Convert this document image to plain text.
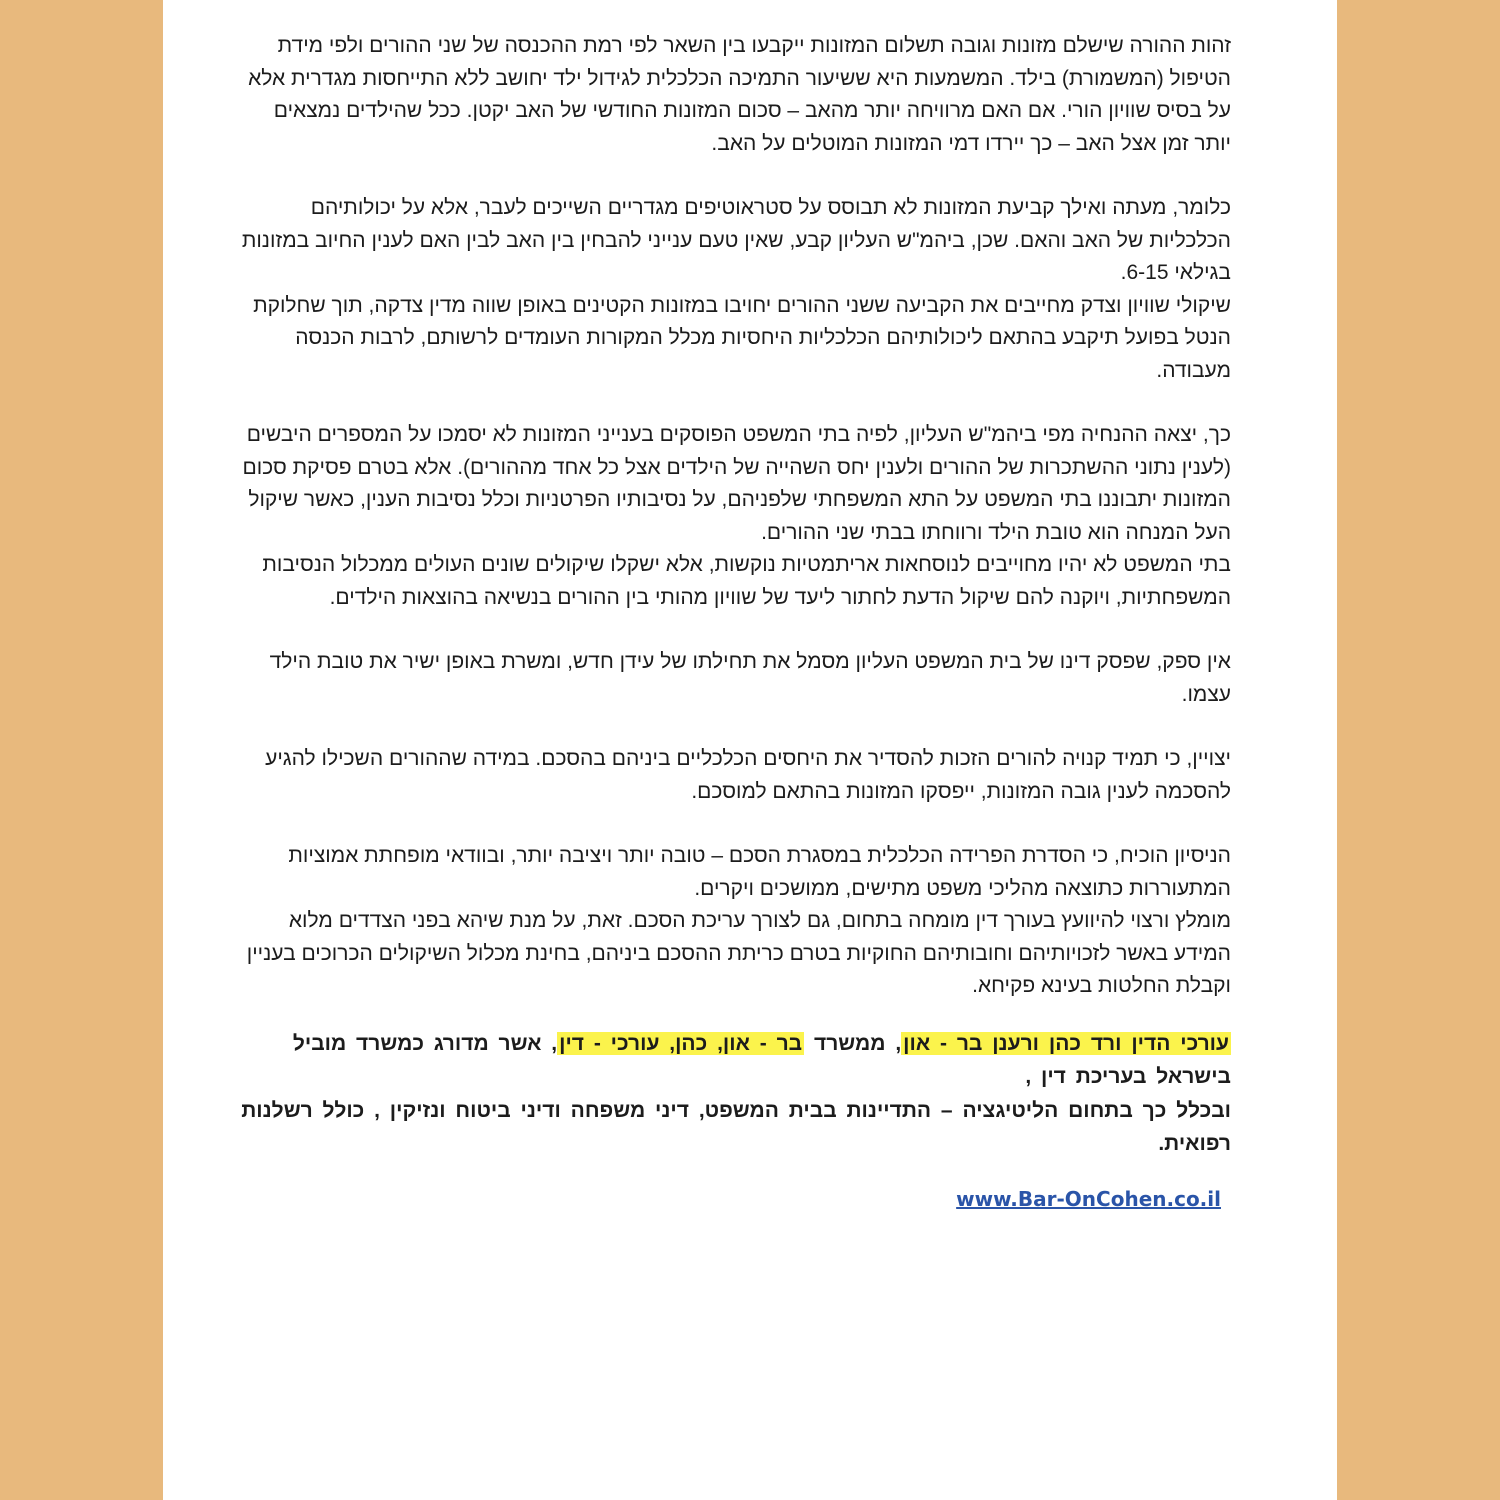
זהות ההורה שישלם מזונות וגובה תשלום המזונות ייקבעו בין השאר לפי רמת ההכנסה של שני ההורים ולפי מידת הטיפול (המשמורת) בילד. המשמעות היא ששיעור התמיכה הכלכלית לגידול ילד יחושב ללא התייחסות מגדרית אלא על בסיס שוויון הורי. אם האם מרוויחה יותר מהאב – סכום המזונות החודשי של האב יקטן. ככל שהילדים נמצאים יותר זמן אצל האב – כך יירדו דמי המזונות המוטלים על האב.

כלומר, מעתה ואילך קביעת המזונות לא תבוסס על סטראוטיפים מגדריים השייכים לעבר, אלא על יכולותיהם הכלכליות של האב והאם. שכן, ביהמ"ש העליון קבע, שאין טעם ענייני להבחין בין האב לבין האם לענין החיוב במזונות בגילאי 6-15.

שיקולי שוויון וצדק מחייבים את הקביעה ששני ההורים יחויבו במזונות הקטינים באופן שווה מדין צדקה, תוך שחלוקת הנטל בפועל תיקבע בהתאם ליכולותיהם הכלכליות היחסיות מכלל המקורות העומדים לרשותם, לרבות הכנסה מעבודה.

כך, יצאה ההנחיה מפי ביהמ"ש העליון, לפיה בתי המשפט הפוסקים בענייני המזונות לא יסמכו על המספרים היבשים (לענין נתוני ההשתכרות של ההורים ולענין יחס השהייה של הילדים אצל כל אחד מההורים). אלא בטרם פסיקת סכום המזונות יתבוננו בתי המשפט על התא המשפחתי שלפניהם, על נסיבותיו הפרטניות וכלל נסיבות הענין, כאשר שיקול העל המנחה הוא טובת הילד ורווחתו בבתי שני ההורים.

בתי המשפט לא יהיו מחוייבים לנוסחאות אריתמטיות נוקשות, אלא ישקלו שיקולים שונים העולים ממכלול הנסיבות המשפחתיות, ויוקנה להם שיקול הדעת לחתור ליעד של שוויון מהותי בין ההורים בנשיאה בהוצאות הילדים.

אין ספק, שפסק דינו של בית המשפט העליון מסמל את תחילתו של עידן חדש, ומשרת באופן ישיר את טובת הילד עצמו.

יצויין, כי תמיד קנויה להורים הזכות להסדיר את היחסים הכלכליים ביניהם בהסכם. במידה שההורים השכילו להגיע להסכמה לענין גובה המזונות, ייפסקו המזונות בהתאם למוסכם.

הניסיון הוכיח, כי הסדרת הפרידה הכלכלית במסגרת הסכם – טובה יותר ויציבה יותר, ובוודאי מופחתת אמוציות המתעוררות כתוצאה מהליכי משפט מתישים, ממושכים ויקרים.

מומלץ ורצוי להיוועץ בעורך דין מומחה בתחום, גם לצורך עריכת הסכם. זאת, על מנת שיהא בפני הצדדים מלוא המידע באשר לזכויותיהם וחובותיהם החוקיות בטרם כריתת ההסכם ביניהם, בחינת מכלול השיקולים הכרוכים בעניין וקבלת החלטות בעינא פקיחא.

עורכי הדין ורד כהן ורענן בר - און, ממשרד בר - און, כהן, עורכי - דין, אשר מדורג כמשרד מוביל בישראל בעריכת דין ,

ובכלל כך בתחום הליטיגציה – התדיינות בבית המשפט, דיני משפחה ודיני ביטוח ונזיקין , כולל רשלנות רפואית.

www.Bar-OnCohen.co.il
